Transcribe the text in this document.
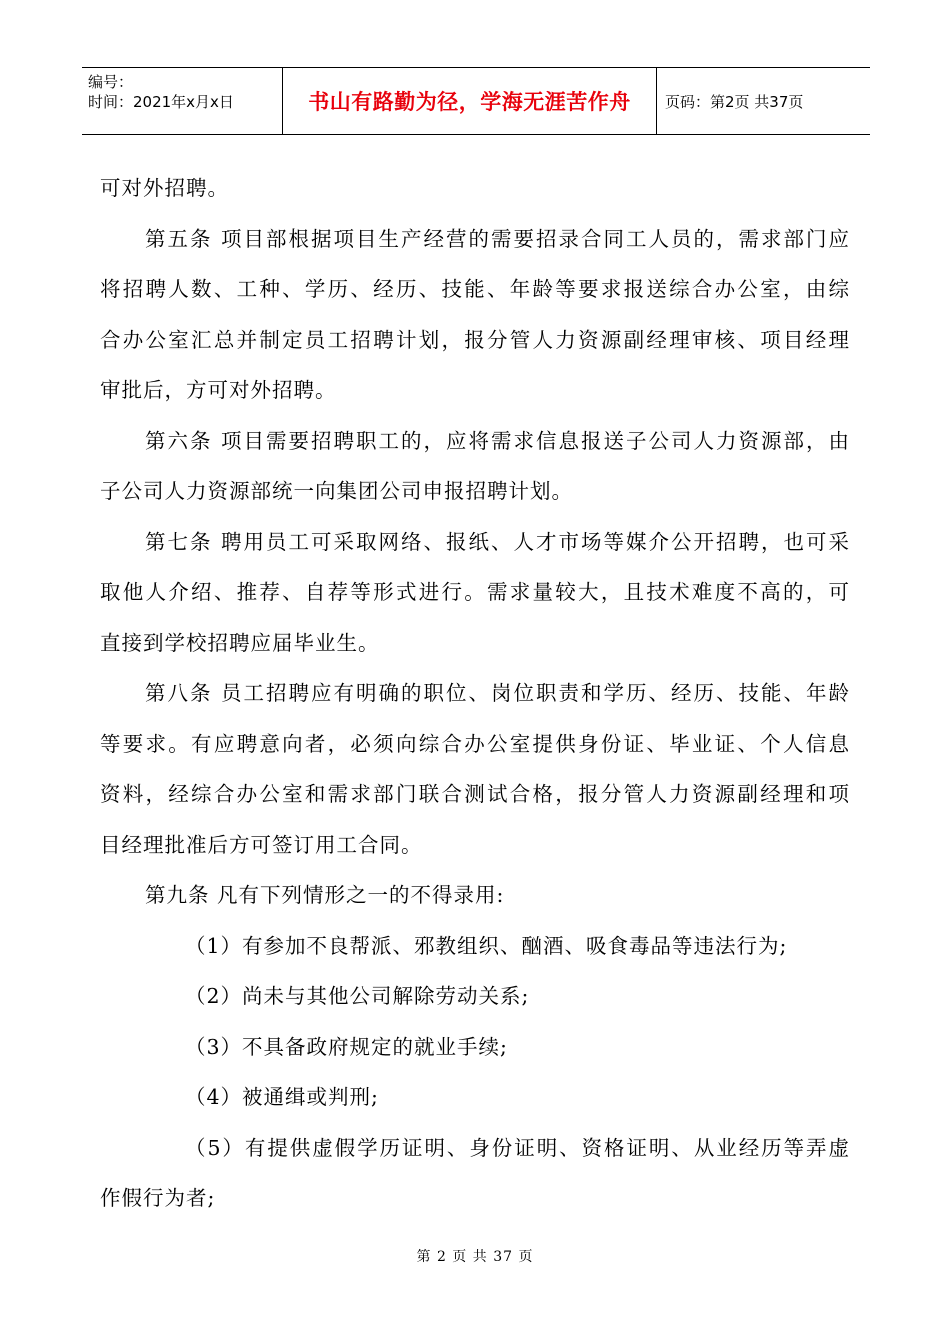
编号：
时间：2021年x月x日	书山有路勤为径，学海无涯苦作舟 页码：第2页 共37页
可对外招聘。
第五条 项目部根据项目生产经营的需要招录合同工人员的，需求部门应
将招聘人数、工种、学历、经历、技能、年龄等要求报送综合办公室，由综
合办公室汇总并制定员工招聘计划，报分管人力资源副经理审核、项目经理
审批后，方可对外招聘。
第六条 项目需要招聘职工的，应将需求信息报送子公司人力资源部，由
子公司人力资源部统一向集团公司申报招聘计划。
第七条 聘用员工可采取网络、报纸、人才市场等媒介公开招聘，也可采
取他人介绍、推荐、自荐等形式进行。需求量较大，且技术难度不高的，可
直接到学校招聘应届毕业生。
第八条 员工招聘应有明确的职位、岗位职责和学历、经历、技能、年龄
等要求。有应聘意向者，必须向综合办公室提供身份证、毕业证、个人信息
资料，经综合办公室和需求部门联合测试合格，报分管人力资源副经理和项
目经理批准后方可签订用工合同。
第九条 凡有下列情形之一的不得录用:
（1）有参加不良帮派、邪教组织、酗酒、吸食毒品等违法行为;
（2）尚未与其他公司解除劳动关系;
（3）不具备政府规定的就业手续;
（4）被通缉或判刑;
（5）有提供虚假学历证明、身份证明、资格证明、从业经历等弄虚
作假行为者;
第 2 页 共 37 页
